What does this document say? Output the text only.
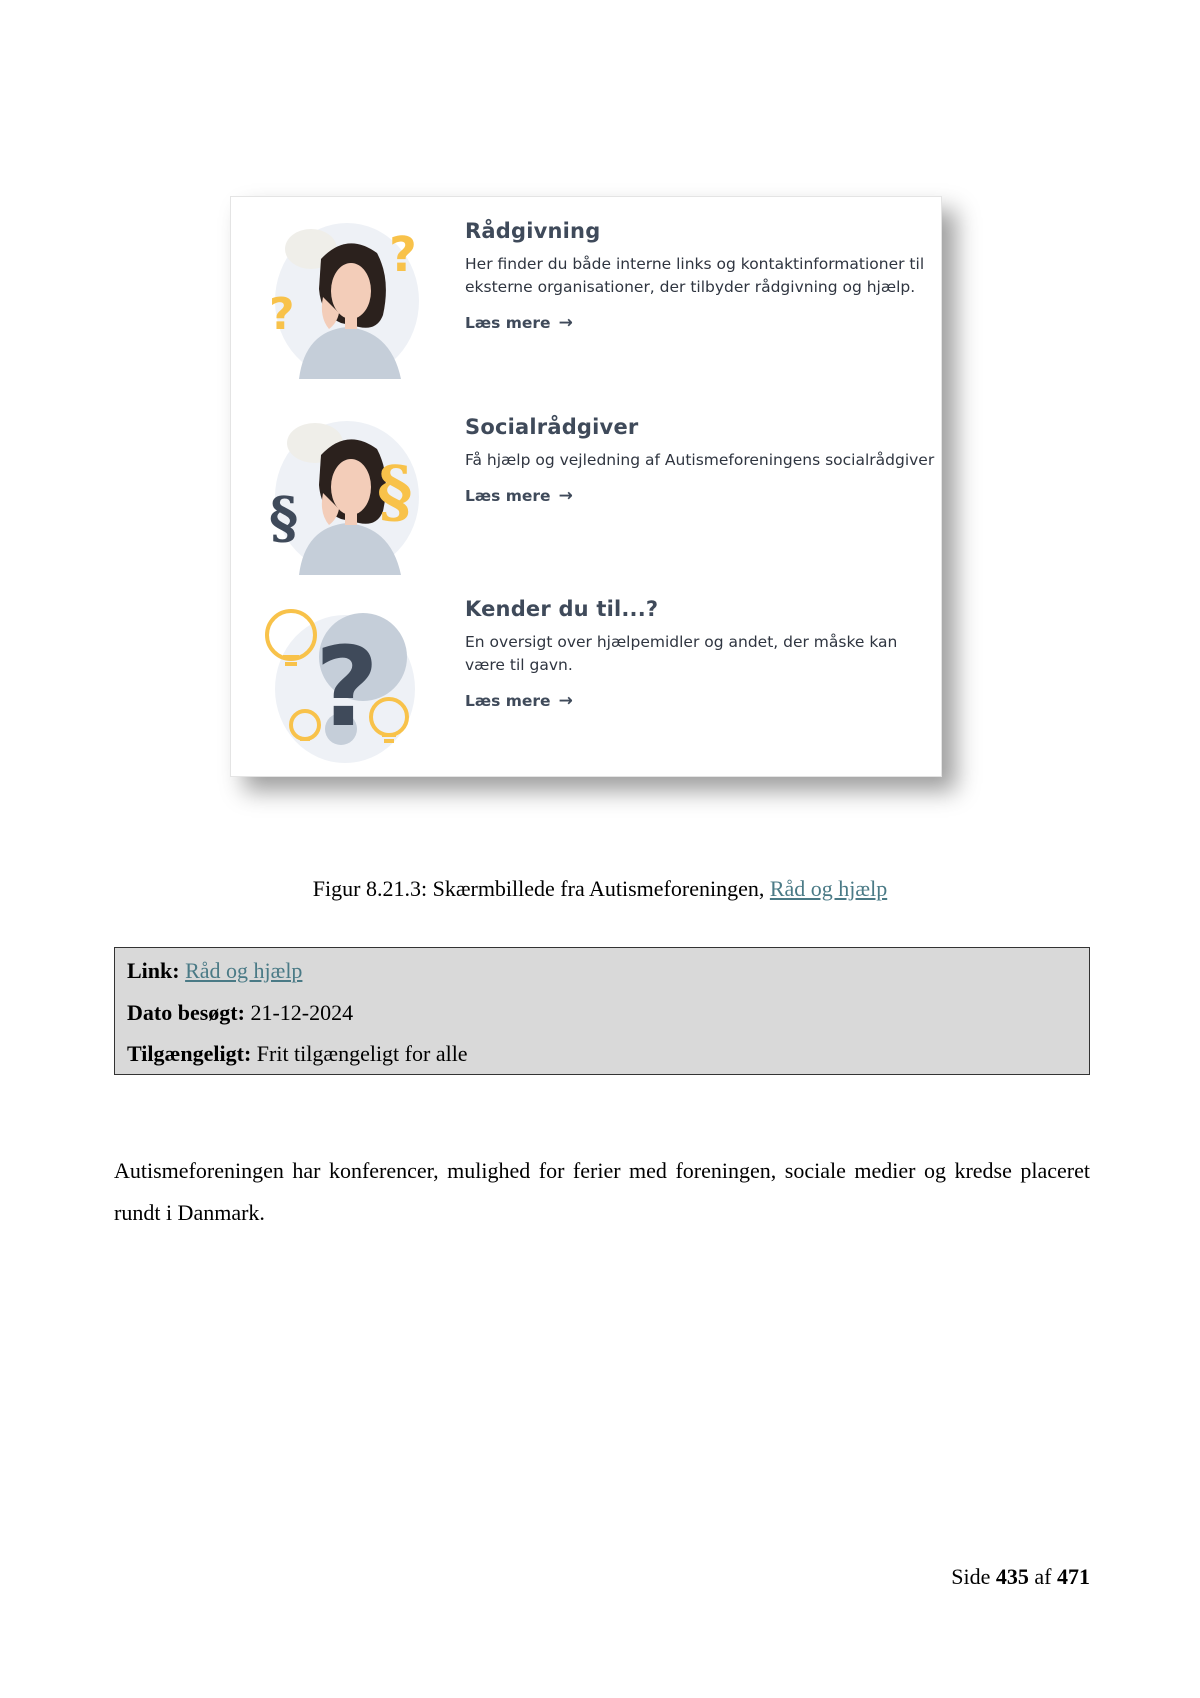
?
?
Rådgivning
Her finder du både interne links og kontaktinformationer til eksterne organisationer, der tilbyder rådgivning og hjælp.
Læs mere →
§
§
Socialrådgiver
Få hjælp og vejledning af Autismeforeningens socialrådgiver
Læs mere →
?
Kender du til...?
En oversigt over hjælpemidler og andet, der måske kan være til gavn.
Læs mere →
Figur 8.21.3: Skærmbillede fra Autismeforeningen, Råd og hjælp
Link: Råd og hjælp
Dato besøgt: 21-12-2024
Tilgængeligt: Frit tilgængeligt for alle
Autismeforeningen har konferencer, mulighed for ferier med foreningen, sociale medier og kredse placeret rundt i Danmark.
Side 435 af 471
